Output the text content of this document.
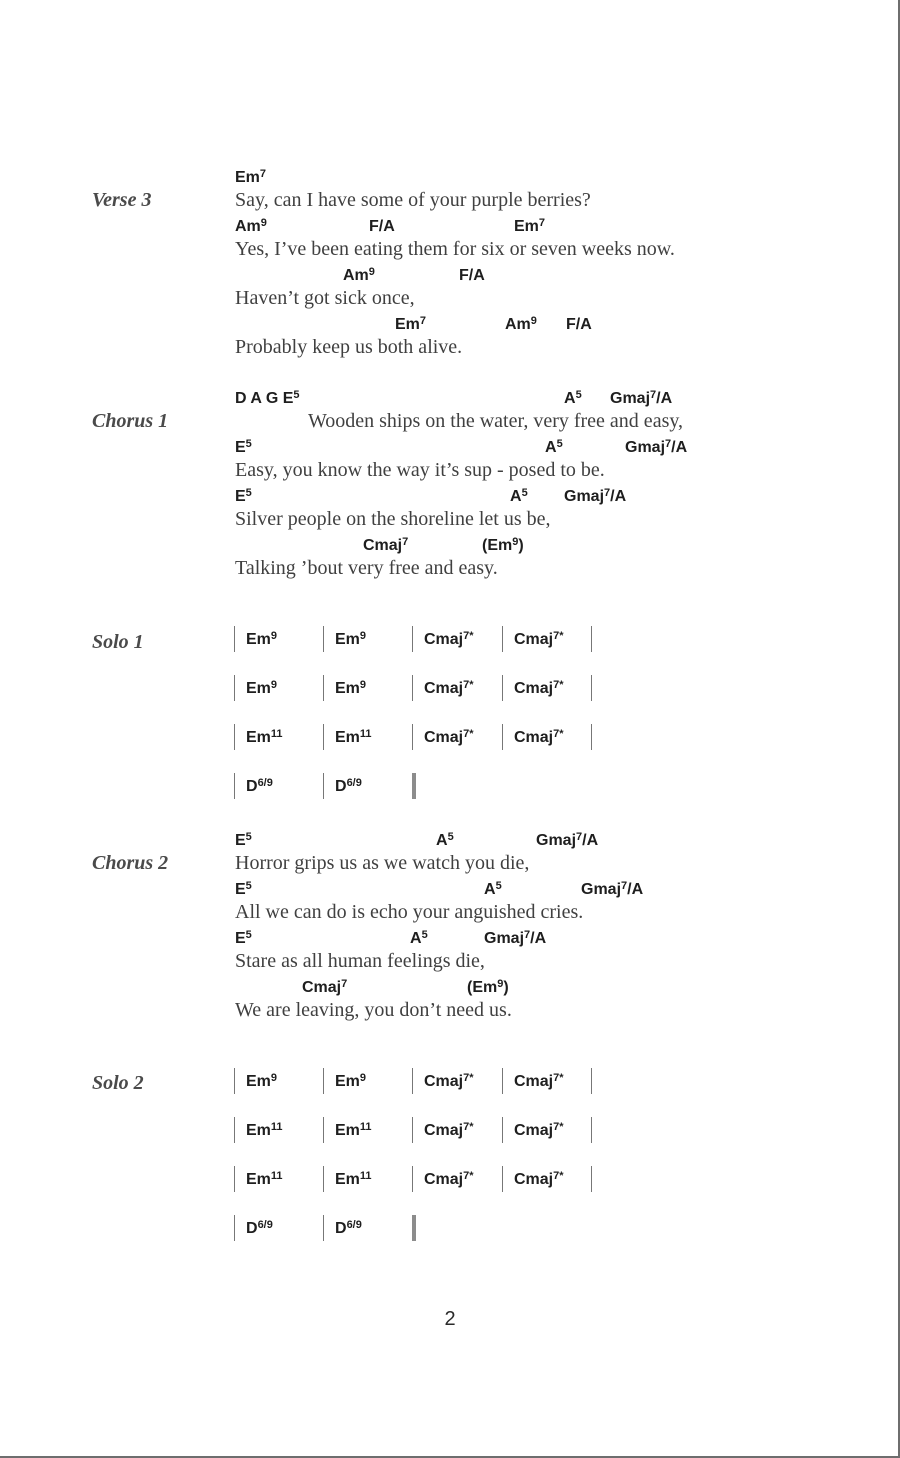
2
Verse 3	Say, can I have some of your purple berries?
Em$^7$
Yes, I’ve been eating them for six or seven weeks now.
Am$^9$	F/A	Em$^7$
Haven’t got sick once,
Am$^9$	F/A
Probably keep us both alive.
Em$^7$	Am$^9$ F/A
Chorus 1	Wooden ships on the water, very free and easy,
D A G $E^5$	$A^5$ Gmaj$^7$/A
Easy, you know the way it’s sup - posed to be.
$E^5$	$A^5$	Gmaj$^7$/A
Silver people on the shoreline let us be,
$E^5$	$A^5$ Gmaj$^7$/A
Talking ’bout very free and easy.
Cmaj$^7$	(Em$^9$)
Solo 1	Em$^9$	Em$^9$	Cmaj$^{7*}$	Cmaj$^{7*}$
Em$^9$	Em$^9$	Cmaj$^{7*}$	Cmaj$^{7*}$
Em$^{11}$	Em$^{11}$	Cmaj$^{7*}$	Cmaj$^{7*}$
$D^{6/9}$	$D^{6/9}$
Chorus 2	Horror grips us as we watch you die,
$E^5$	$A^5$	Gmaj$^7$/A
All we can do is echo your anguished cries.
$E^5$	$A^5$	Gmaj$^7$/A
Stare as all human feelings die,
$E^5$	$A^5$	Gmaj$^7$/A
We are leaving, you don’t need us.
Cmaj$^7$	(Em$^9$)
Solo 2	Em$^9$	Em$^9$	Cmaj$^{7*}$	Cmaj$^{7*}$
Em$^{11}$	Em$^{11}$	Cmaj$^{7*}$	Cmaj$^{7*}$
Em$^{11}$	Em$^{11}$	Cmaj$^{7*}$	Cmaj$^{7*}$
$D^{6/9}$	$D^{6/9}$
